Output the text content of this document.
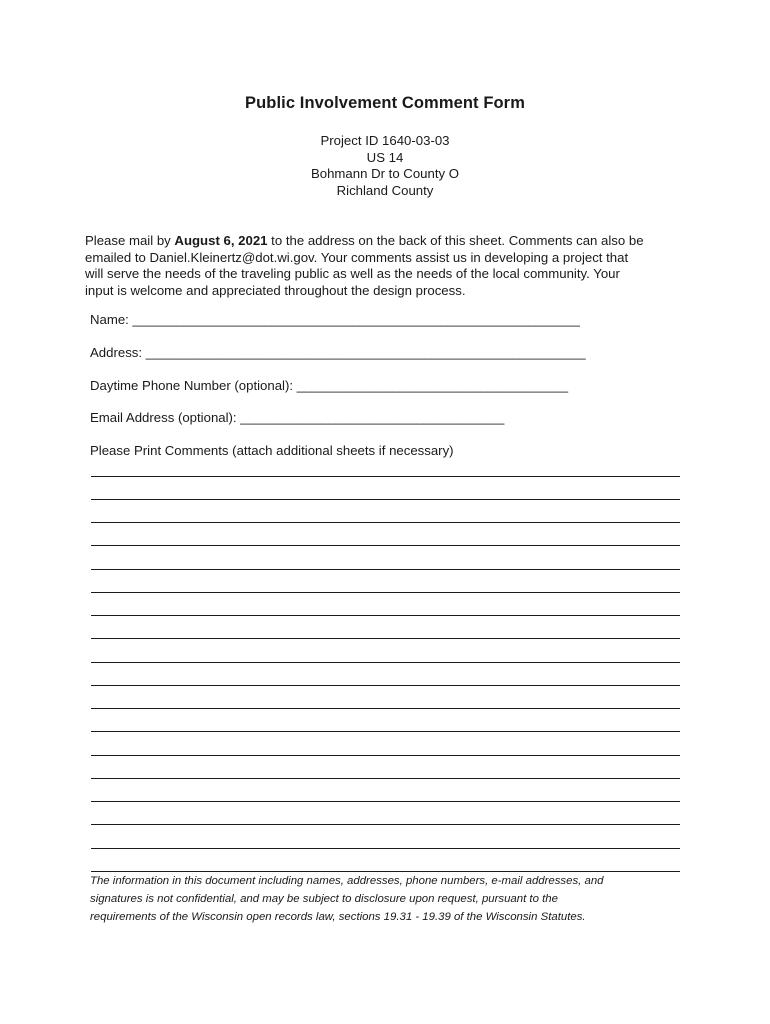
Public Involvement Comment Form
Project ID 1640-03-03
US 14
Bohmann Dr to County O
Richland County
Please mail by August 6, 2021 to the address on the back of this sheet. Comments can also be
emailed to Daniel.Kleinertz@dot.wi.gov. Your comments assist us in developing a project that
will serve the needs of the traveling public as well as the needs of the local community. Your
input is welcome and appreciated throughout the design process.
Name: _____________________________________________________________
Address: ____________________________________________________________
Daytime Phone Number (optional): _____________________________________
Email Address (optional): ____________________________________
Please Print Comments (attach additional sheets if necessary)
The information in this document including names, addresses, phone numbers, e-mail addresses, and
signatures is not confidential, and may be subject to disclosure upon request, pursuant to the
requirements of the Wisconsin open records law, sections 19.31 - 19.39 of the Wisconsin Statutes.
